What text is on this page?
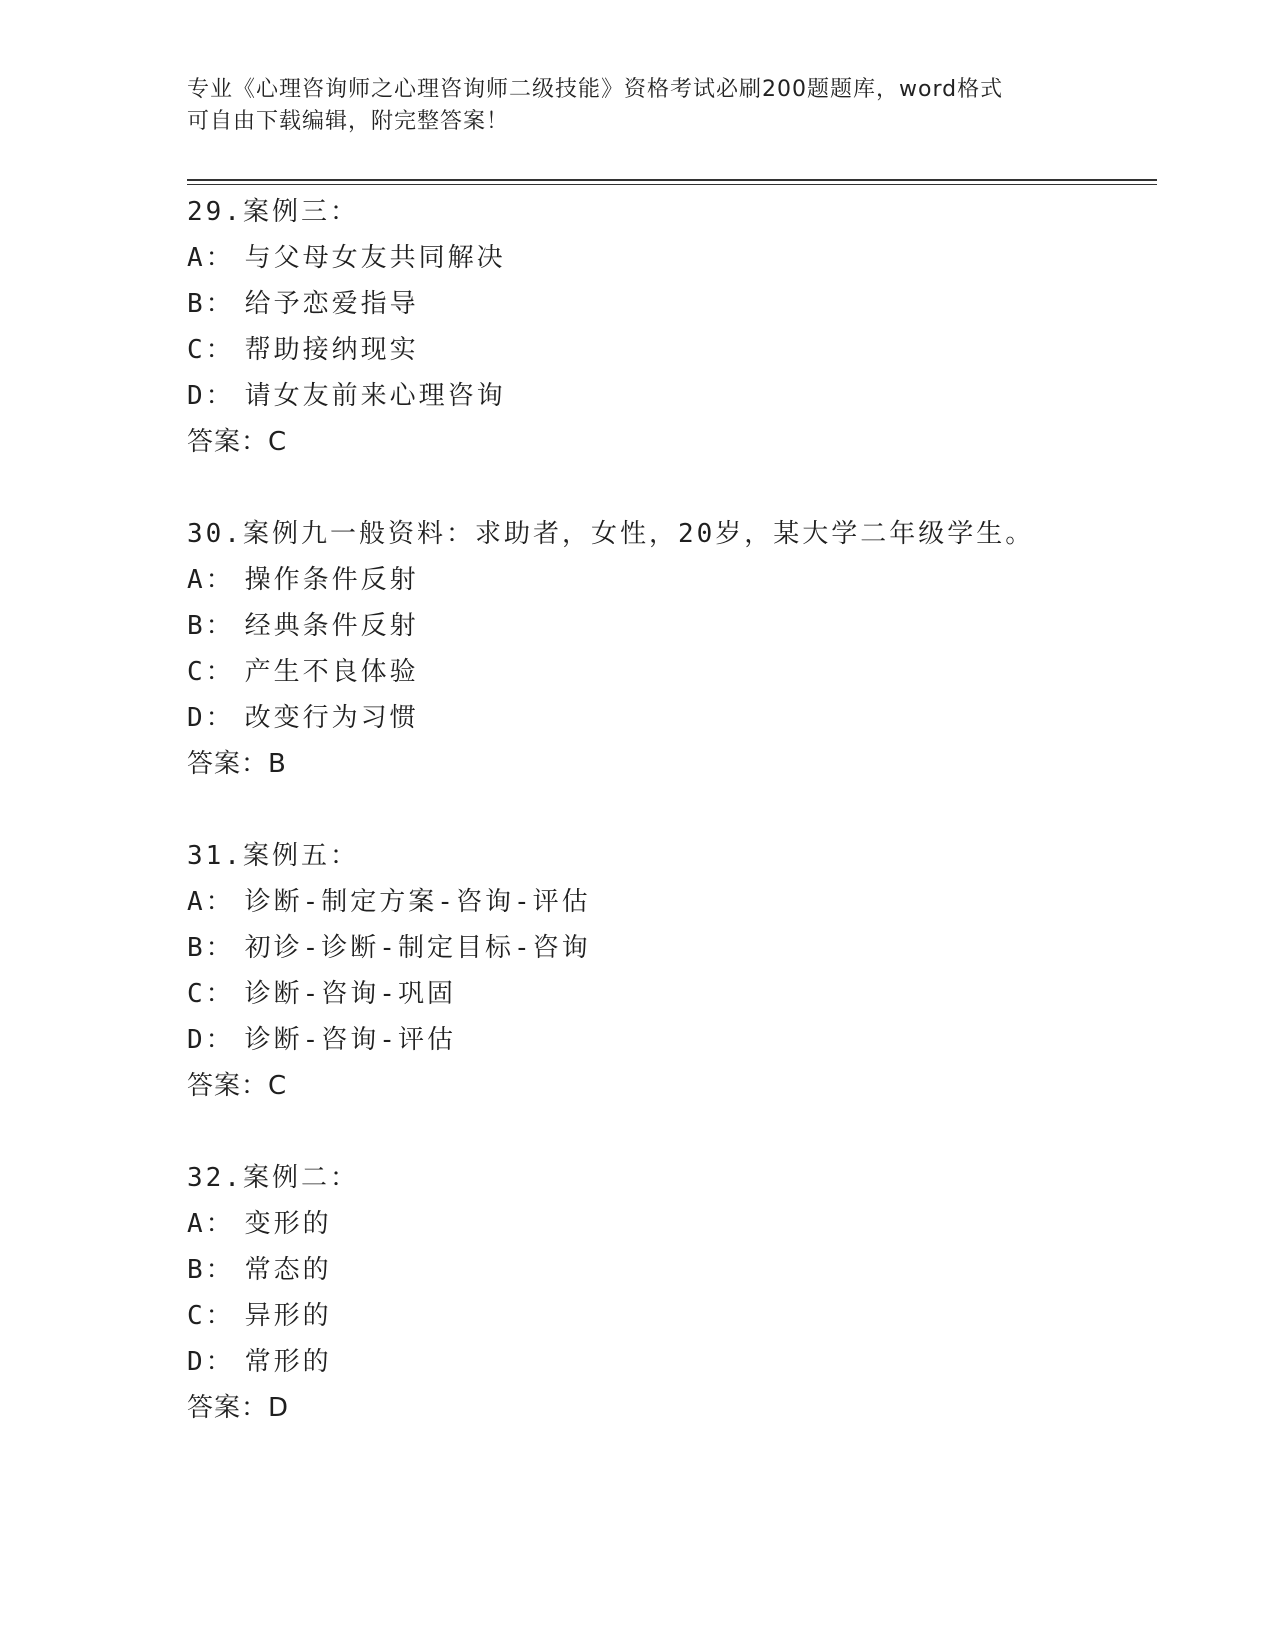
专业《心理咨询师之心理咨询师二级技能》资格考试必刷200题题库，word格式
可自由下载编辑，附完整答案！
29.案例三：
A： 与父母女友共同解决
B： 给予恋爱指导
C： 帮助接纳现实
D： 请女友前来心理咨询
答案：C
30.案例九一般资料：求助者，女性，20岁，某大学二年级学生。
A： 操作条件反射
B： 经典条件反射
C： 产生不良体验
D： 改变行为习惯
答案：B
31.案例五：
A： 诊断-制定方案-咨询-评估
B： 初诊-诊断-制定目标-咨询
C： 诊断-咨询-巩固
D： 诊断-咨询-评估
答案：C
32.案例二：
A： 变形的
B： 常态的
C： 异形的
D： 常形的
答案：D
